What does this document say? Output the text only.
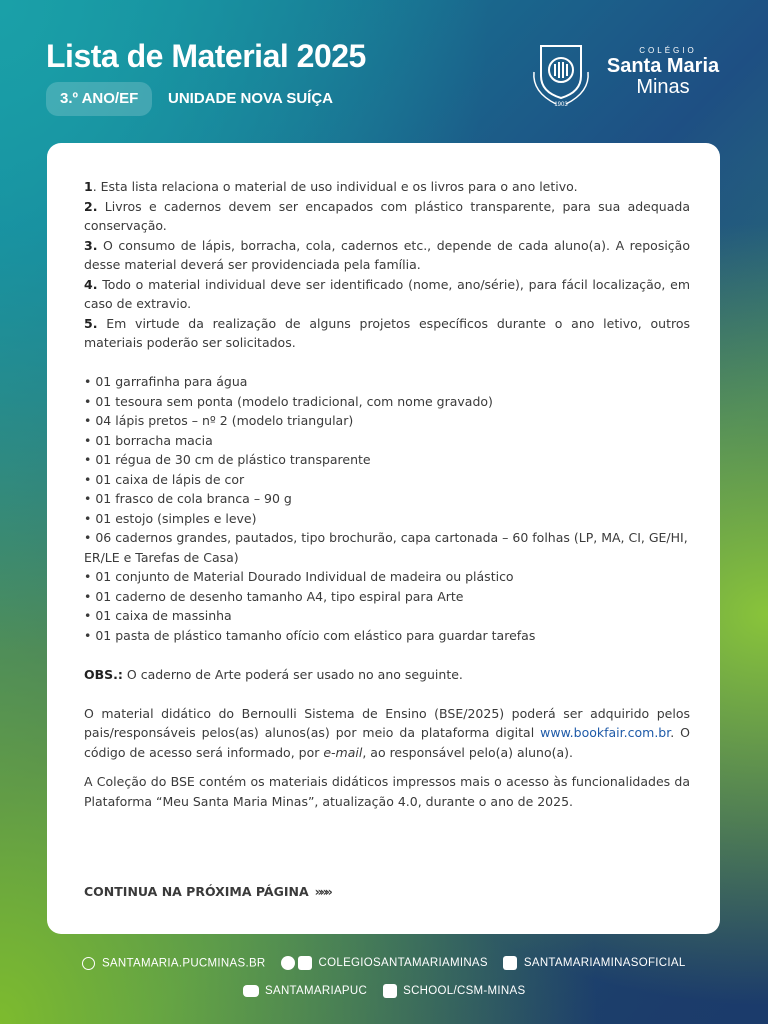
Lista de Material 2025
3.º ANO/EF	UNIDADE NOVA SUÍÇA	1903
COLÉGIO
Santa Maria
Minas

1. Esta lista relaciona o material de uso individual e os livros para o ano letivo.

2. Livros e cadernos devem ser encapados com plástico transparente, para sua adequada conservação.

3. O consumo de lápis, borracha, cola, cadernos etc., depende de cada aluno(a). A reposição desse material deverá ser providenciada pela família.

4. Todo o material individual deve ser identificado (nome, ano/série), para fácil localização, em caso de extravio.

5. Em virtude da realização de alguns projetos específicos durante o ano letivo, outros materiais poderão ser solicitados.

• 01 garrafinha para água
• 01 tesoura sem ponta (modelo tradicional, com nome gravado)
• 04 lápis pretos – nº 2 (modelo triangular)
• 01 borracha macia
• 01 régua de 30 cm de plástico transparente
• 01 caixa de lápis de cor
• 01 frasco de cola branca – 90 g
• 01 estojo (simples e leve)
• 06 cadernos grandes, pautados, tipo brochurão, capa cartonada – 60 folhas (LP, MA, CI, GE/HI, ER/LE e Tarefas de Casa)
• 01 conjunto de Material Dourado Individual de madeira ou plástico
• 01 caderno de desenho tamanho A4, tipo espiral para Arte
• 01 caixa de massinha
• 01 pasta de plástico tamanho ofício com elástico para guardar tarefas

OBS.: O caderno de Arte poderá ser usado no ano seguinte.

O material didático do Bernoulli Sistema de Ensino (BSE/2025) poderá ser adquirido pelos pais/responsáveis pelos(as) alunos(as) por meio da plataforma digital www.bookfair.com.br. O código de acesso será informado, por e-mail, ao responsável pelo(a) aluno(a).

A Coleção do BSE contém os materiais didáticos impressos mais o acesso às funcionalidades da Plataforma “Meu Santa Maria Minas”, atualização 4.0, durante o ano de 2025.

CONTINUA NA PRÓXIMA PÁGINA »»»
SANTAMARIA.PUCMINAS.BR	COLEGIOSANTAMARIAMINAS	SANTAMARIAMINASOFICIAL
SANTAMARIAPUC	SCHOOL/CSM-MINAS
